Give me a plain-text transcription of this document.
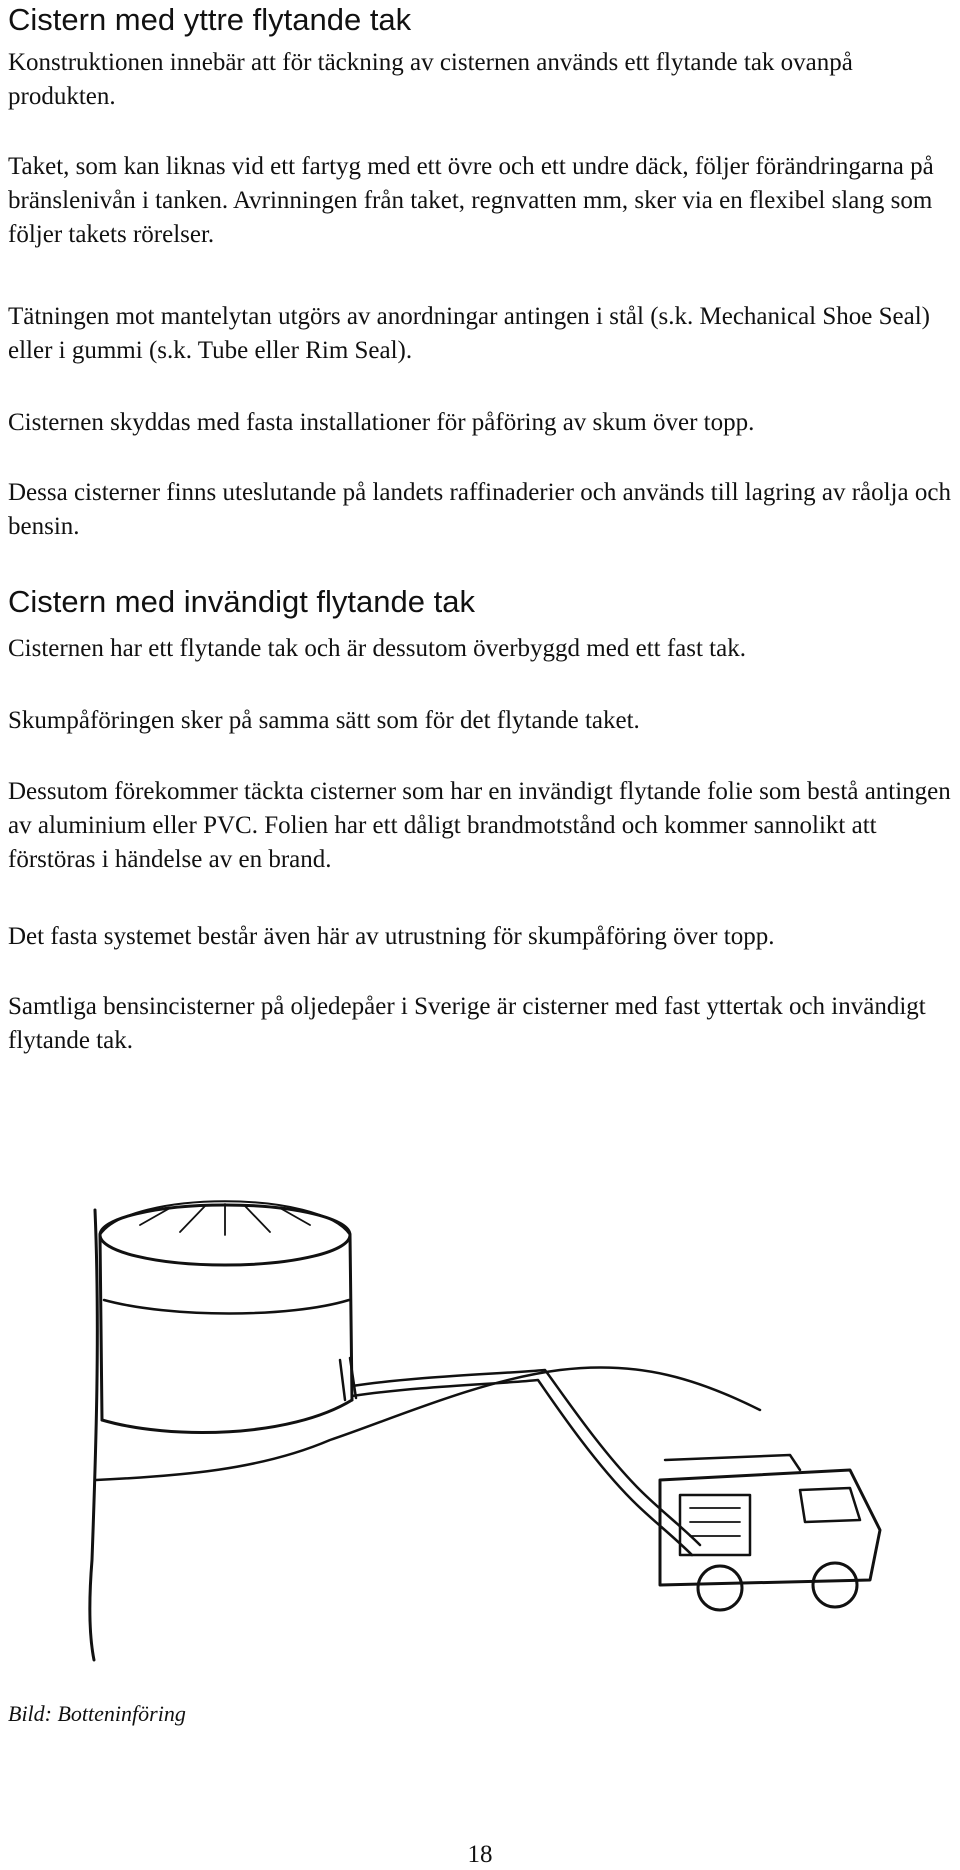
Cistern med yttre flytande tak

Konstruktionen innebär att för täckning av cisternen används ett flytande tak ovanpå produkten.

Taket, som kan liknas vid ett fartyg med ett övre och ett undre däck, följer förändringarna på bränslenivån i tanken. Avrinningen från taket, regnvatten mm, sker via en flexibel slang som följer takets rörelser.

Tätningen mot mantelytan utgörs av anordningar antingen i stål (s.k. Mechanical Shoe Seal) eller i gummi (s.k. Tube eller Rim Seal).

Cisternen skyddas med fasta installationer för påföring av skum över topp.

Dessa cisterner finns uteslutande på landets raffinaderier och används till lagring av råolja och bensin.

Cistern med invändigt flytande tak

Cisternen har ett flytande tak och är dessutom överbyggd med ett fast tak.

Skumpåföringen sker på samma sätt som för det flytande taket.

Dessutom förekommer täckta cisterner som har en invändigt flytande folie som bestå antingen av aluminium eller PVC. Folien har ett dåligt brandmotstånd och kommer sannolikt att förstöras i händelse av en brand.

Det fasta systemet består även här av utrustning för skumpåföring över topp.

Samtliga bensincisterner på oljedepåer i Sverige är cisterner med fast yttertak och invändigt flytande tak.

Bild: Botteninföring

18
